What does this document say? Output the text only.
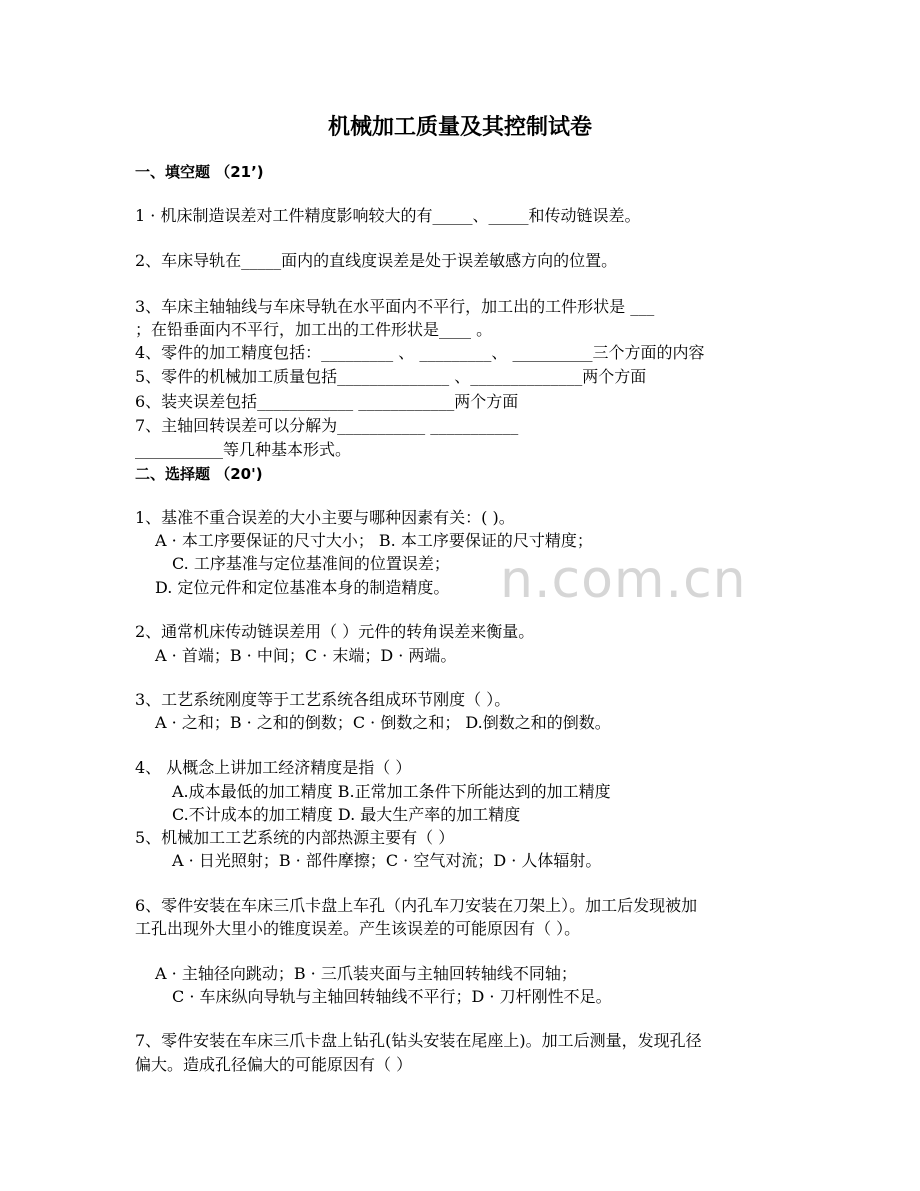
n.com.cn
机械加工质量及其控制试卷
一、填空题 （21’)
1 · 机床制造误差对工件精度影响较大的有_____、_____和传动链误差。
2、车床导轨在_____面内的直线度误差是处于误差敏感方向的位置。
3、车床主轴轴线与车床导轨在水平面内不平行，加工出的工件形状是 ___
；在铅垂面内不平行，加工出的工件形状是____ 。
4、零件的加工精度包括：_________ 、 _________、 __________三个方面的内容
5、零件的机械加工质量包括______________ 、______________两个方面
6、装夹误差包括____________ ____________两个方面
7、主轴回转误差可以分解为___________ ___________
___________等几种基本形式。
二、选择题 （20')
1、基准不重合误差的大小主要与哪种因素有关：( )。
A · 本工序要保证的尺寸大小； B. 本工序要保证的尺寸精度；
C. 工序基准与定位基准间的位置误差；
D. 定位元件和定位基准本身的制造精度。
2、通常机床传动链误差用（ ）元件的转角误差来衡量。
A · 首端；B · 中间；C · 末端；D · 两端。
3、工艺系统刚度等于工艺系统各组成环节刚度（ ）。
A · 之和；B · 之和的倒数；C · 倒数之和； D.倒数之和的倒数。
4、 从概念上讲加工经济精度是指（ ）
A.成本最低的加工精度 B.正常加工条件下所能达到的加工精度
C.不计成本的加工精度 D. 最大生产率的加工精度
5、机械加工工艺系统的内部热源主要有（ ）
A · 日光照射；B · 部件摩擦；C · 空气对流；D · 人体辐射。
6、零件安装在车床三爪卡盘上车孔（内孔车刀安装在刀架上）。加工后发现被加
工孔出现外大里小的锥度误差。产生该误差的可能原因有（ ）。
A · 主轴径向跳动；B · 三爪装夹面与主轴回转轴线不同轴；
C · 车床纵向导轨与主轴回转轴线不平行；D · 刀杆刚性不足。
7、零件安装在车床三爪卡盘上钻孔(钻头安装在尾座上)。加工后测量，发现孔径
偏大。造成孔径偏大的可能原因有（ ）
